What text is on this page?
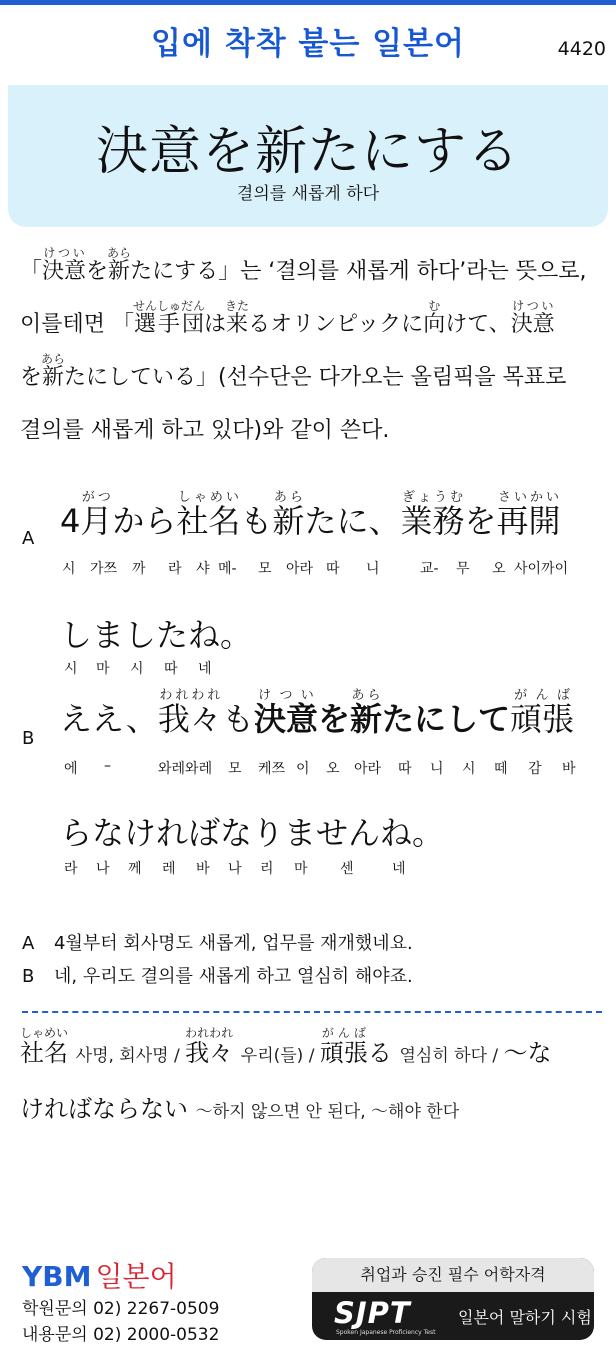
입에 착착 붙는 일본어	4420
決意を新たにする
결의를 새롭게 하다
「決意けついを新あらたにする」는 ‘결의를 새롭게 하다’라는 뜻으로,
이를테면 「選手団せんしゅだんは来きたるオリンピックに向むけて、決意けつい
を新あらたにしている」(선수단은 다가오는 올림픽을 목표로
결의를 새롭게 하고 있다)와 같이 쓴다.
A 4月がつから社名しゃめいも新あらたに、業務ぎょうむを再開さいかい
시 가쯔 까 라 샤 메- 모 아라 따 니	교- 무 오 사이까이
しましたね。
시 마 시 따 네
B
ええ、我々われわれも決意けついを新あらたにして頑張がんば
에 –	와레와레 모 케쯔 이 오 아라 따 니 시 떼 감 바
らなければなりませんね。
라 나 께 레 바 나 리 마 센	네
A 4월부터 회사명도 새롭게, 업무를 재개했네요.
B 네, 우리도 결의를 새롭게 하고 열심히 해야죠.
社名しゃめい 사명, 회사명 / 我々われわれ 우리(들) / 頑張がんばる 열심히 하다 / ～な
ければならない ～하지 않으면 안 된다, ～해야 한다
YBM 일본어
학원문의 02) 2267-0509
내용문의 02) 2000-0532
취업과 승진 필수 어학자격
SJPT
Spoken Japanese Proficiency Test
일본어 말하기 시험
